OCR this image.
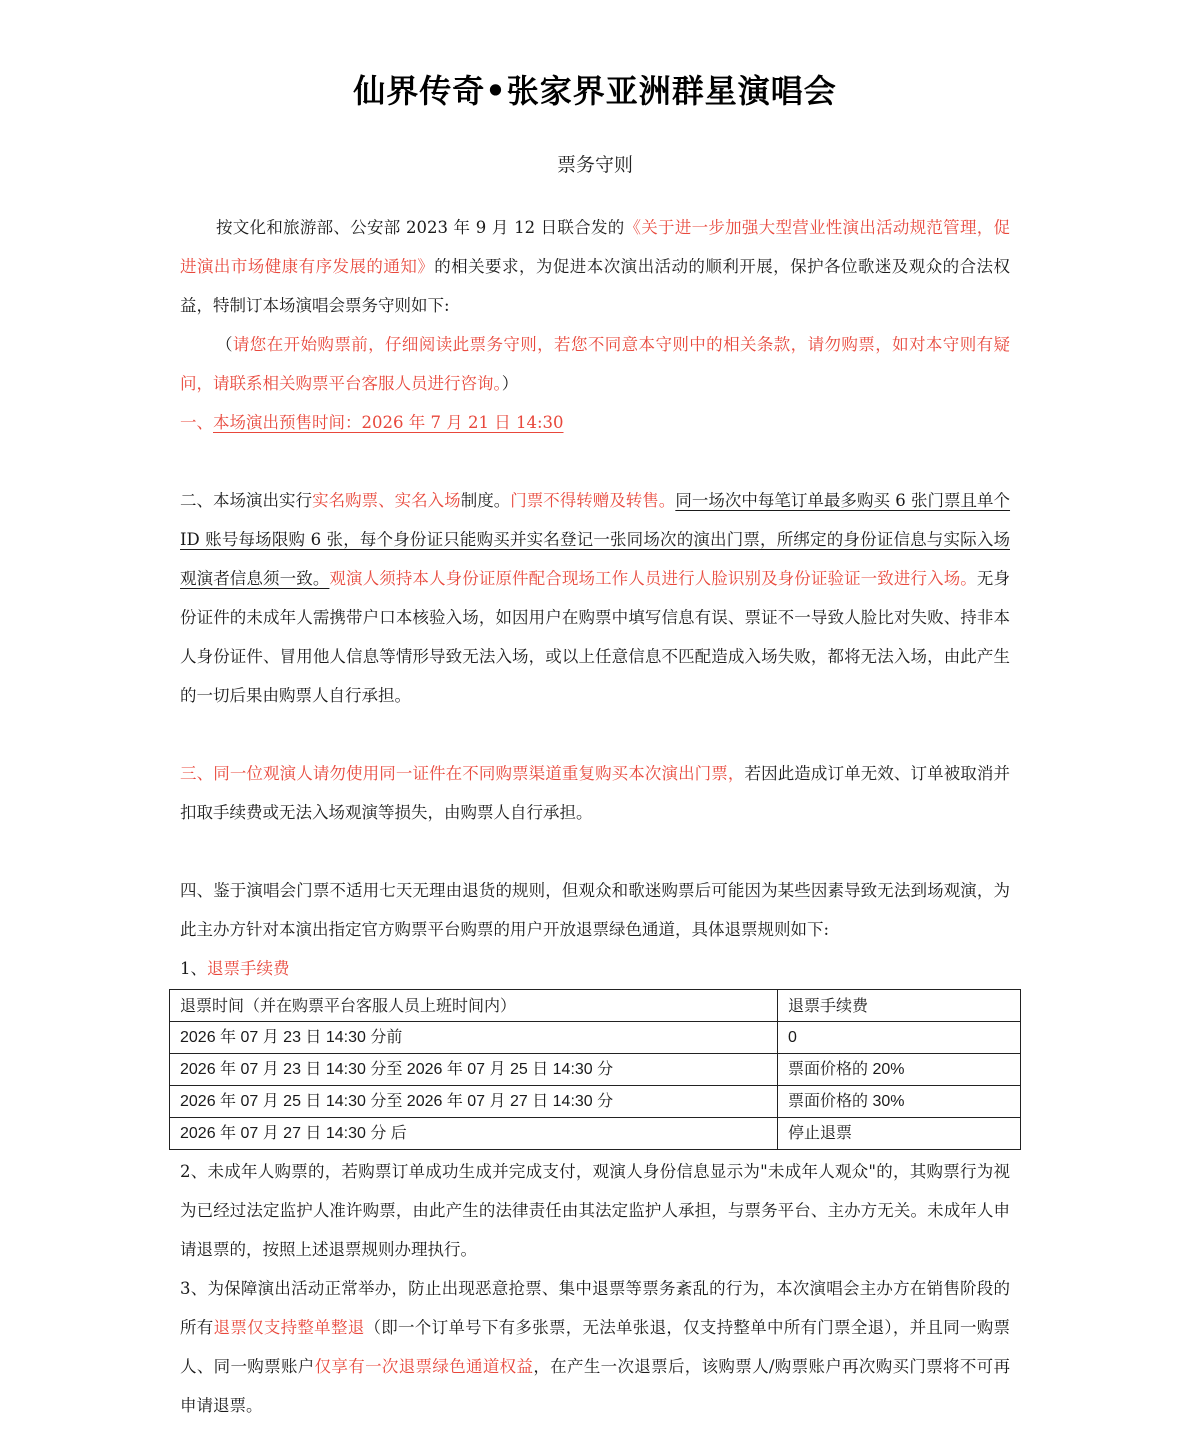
仙界传奇•张家界亚洲群星演唱会
票务守则

按文化和旅游部、公安部 2023 年 9 月 12 日联合发的《关于进一步加强大型营业性演出活动规范管理，促进演出市场健康有序发展的通知》的相关要求，为促进本次演出活动的顺利开展，保护各位歌迷及观众的合法权益，特制订本场演唱会票务守则如下:

（请您在开始购票前，仔细阅读此票务守则，若您不同意本守则中的相关条款，请勿购票，如对本守则有疑问，请联系相关购票平台客服人员进行咨询。）

一、本场演出预售时间：2026 年 7 月 21 日 14:30

二、本场演出实行实名购票、实名入场制度。门票不得转赠及转售。同一场次中每笔订单最多购买 6 张门票且单个 ID 账号每场限购 6 张，每个身份证只能购买并实名登记一张同场次的演出门票，所绑定的身份证信息与实际入场观演者信息须一致。观演人须持本人身份证原件配合现场工作人员进行人脸识别及身份证验证一致进行入场。无身份证件的未成年人需携带户口本核验入场，如因用户在购票中填写信息有误、票证不一导致人脸比对失败、持非本人身份证件、冒用他人信息等情形导致无法入场，或以上任意信息不匹配造成入场失败，都将无法入场，由此产生的一切后果由购票人自行承担。

三、同一位观演人请勿使用同一证件在不同购票渠道重复购买本次演出门票，若因此造成订单无效、订单被取消并扣取手续费或无法入场观演等损失，由购票人自行承担。

四、鉴于演唱会门票不适用七天无理由退货的规则，但观众和歌迷购票后可能因为某些因素导致无法到场观演，为此主办方针对本演出指定官方购票平台购票的用户开放退票绿色通道，具体退票规则如下:

1、退票手续费

退票时间（并在购票平台客服人员上班时间内）	退票手续费
2026 年 07 月 23 日 14:30 分前	0
2026 年 07 月 23 日 14:30 分至 2026 年 07 月 25 日 14:30 分	票面价格的 20%
2026 年 07 月 25 日 14:30 分至 2026 年 07 月 27 日 14:30 分	票面价格的 30%
2026 年 07 月 27 日 14:30 分 后	停止退票

2、未成年人购票的，若购票订单成功生成并完成支付，观演人身份信息显示为"未成年人观众"的，其购票行为视为已经过法定监护人准许购票，由此产生的法律责任由其法定监护人承担，与票务平台、主办方无关。未成年人申请退票的，按照上述退票规则办理执行。

3、为保障演出活动正常举办，防止出现恶意抢票、集中退票等票务紊乱的行为，本次演唱会主办方在销售阶段的所有退票仅支持整单整退（即一个订单号下有多张票，无法单张退，仅支持整单中所有门票全退），并且同一购票人、同一购票账户仅享有一次退票绿色通道权益，在产生一次退票后，该购票人/购票账户再次购买门票将不可再申请退票。
